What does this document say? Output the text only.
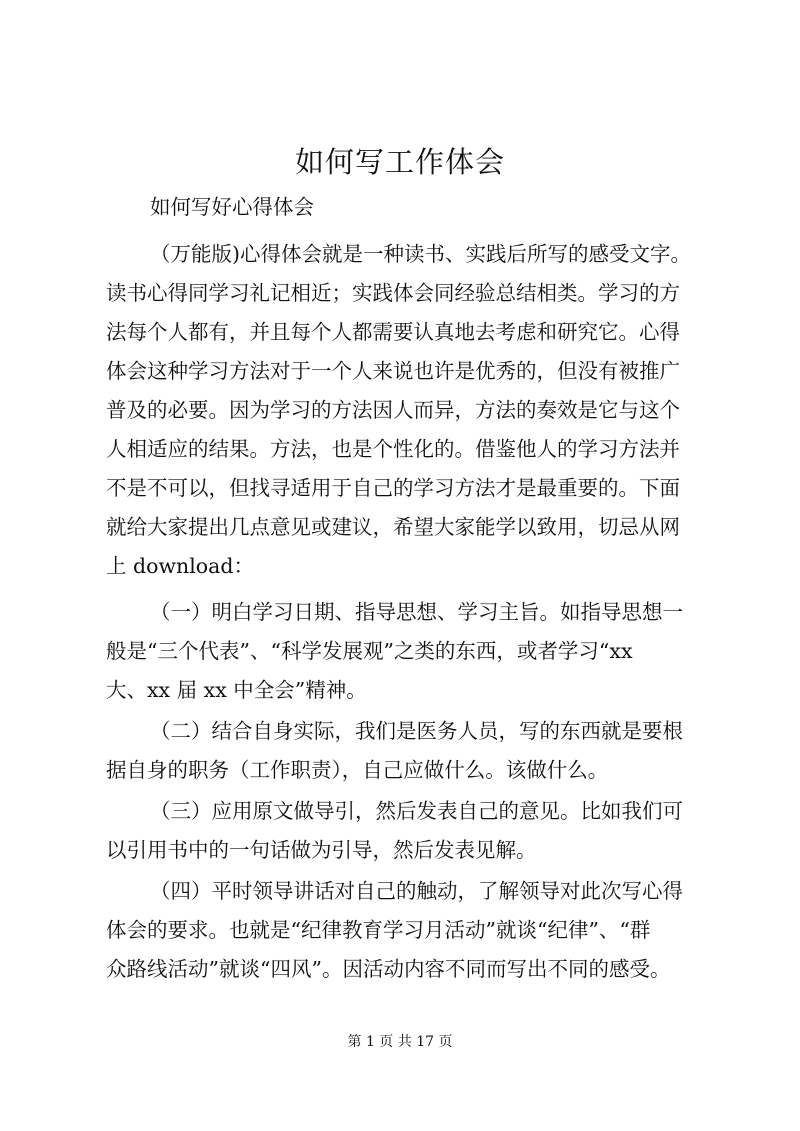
如何写工作体会

如何写好心得体会

（万能版)心得体会就是一种读书、实践后所写的感受文字。

读书心得同学习礼记相近；实践体会同经验总结相类。学习的方

法每个人都有，并且每个人都需要认真地去考虑和研究它。心得

体会这种学习方法对于一个人来说也许是优秀的，但没有被推广

普及的必要。因为学习的方法因人而异，方法的奏效是它与这个

人相适应的结果。方法，也是个性化的。借鉴他人的学习方法并

不是不可以，但找寻适用于自己的学习方法才是最重要的。下面

就给大家提出几点意见或建议，希望大家能学以致用，切忌从网

上 download：

（一）明白学习日期、指导思想、学习主旨。如指导思想一

般是“三个代表”、“科学发展观”之类的东西，或者学习“xx

大、xx 届 xx 中全会”精神。

（二）结合自身实际，我们是医务人员，写的东西就是要根

据自身的职务（工作职责），自己应做什么。该做什么。

（三）应用原文做导引，然后发表自己的意见。比如我们可

以引用书中的一句话做为引导，然后发表见解。

（四）平时领导讲话对自己的触动，了解领导对此次写心得

体会的要求。也就是“纪律教育学习月活动”就谈“纪律”、“群

众路线活动”就谈“四风”。因活动内容不同而写出不同的感受。

第 1 页 共 17 页
